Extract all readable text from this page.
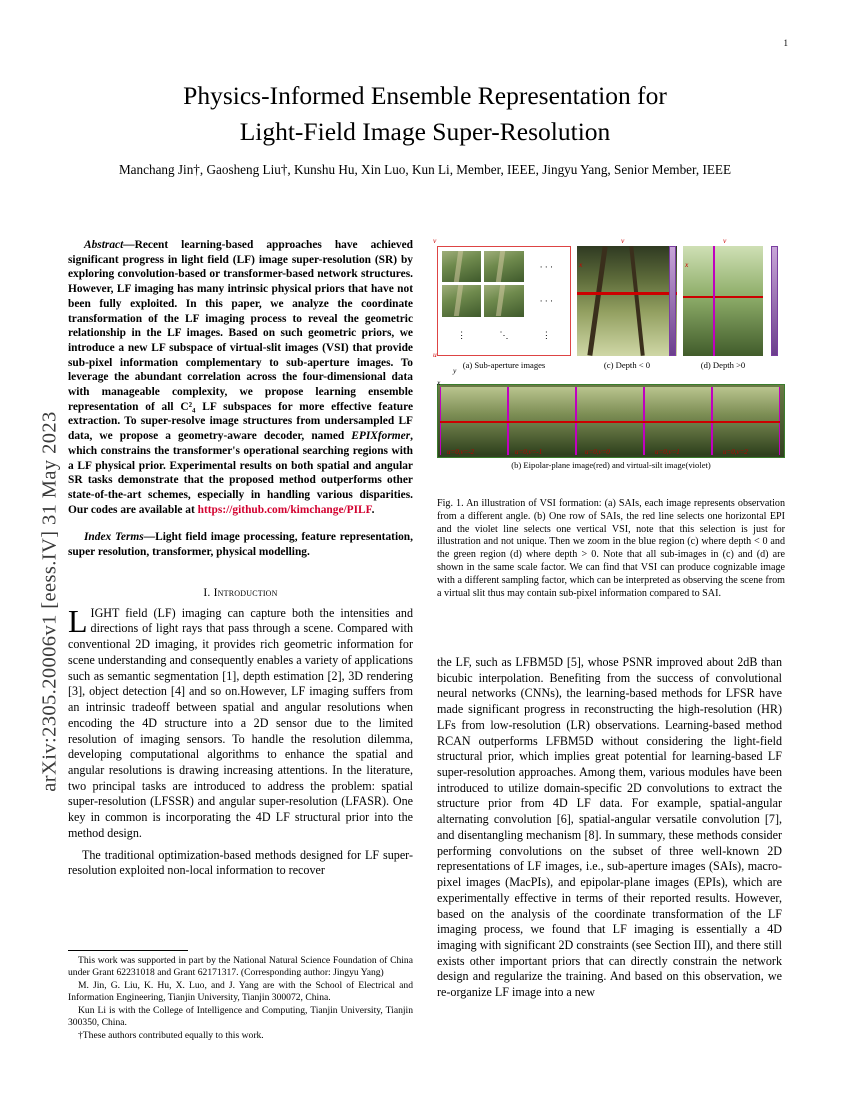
1
arXiv:2305.20006v1 [eess.IV] 31 May 2023
Physics-Informed Ensemble Representation for
Light-Field Image Super-Resolution
Manchang Jin†, Gaosheng Liu†, Kunshu Hu, Xin Luo, Kun Li, Member, IEEE, Jingyu Yang, Senior Member, IEEE
Abstract—Recent learning-based approaches have achieved significant progress in light field (LF) image super-resolution (SR) by exploring convolution-based or transformer-based network structures. However, LF imaging has many intrinsic physical priors that have not been fully exploited. In this paper, we analyze the coordinate transformation of the LF imaging process to reveal the geometric relationship in the LF images. Based on such geometric priors, we introduce a new LF subspace of virtual-slit images (VSI) that provide sub-pixel information complementary to sub-aperture images. To leverage the abundant correlation across the four-dimensional data with manageable complexity, we propose learning ensemble representation of all C²₄ LF subspaces for more effective feature extraction. To super-resolve image structures from undersampled LF data, we propose a geometry-aware decoder, named EPIXformer, which constrains the transformer's operational searching regions with a LF physical prior. Experimental results on both spatial and angular SR tasks demonstrate that the proposed method outperforms other state-of-the-art schemes, especially in handling various disparities. Our codes are available at https://github.com/kimchange/PILF.
Index Terms—Light field image processing, feature representation, super resolution, transformer, physical modelling.
I. Introduction

LIGHT field (LF) imaging can capture both the intensities and directions of light rays that pass through a scene. Compared with conventional 2D imaging, it provides rich geometric information for scene understanding and consequently enables a variety of applications such as semantic segmentation [1], depth estimation [2], 3D rendering [3], object detection [4] and so on.However, LF imaging suffers from an intrinsic tradeoff between spatial and angular resolutions when encoding the 4D structure into a 2D sensor due to the limited resolution of imaging sensors. To handle the resolution dilemma, developing computational algorithms to enhance the spatial and angular resolutions is drawing increasing attentions. In the literature, two principal tasks are introduced to address the problem: spatial super-resolution (LFSSR) and angular super-resolution (LFASR). One key in common is incorporating the 4D LF structural prior into the method design.

The traditional optimization-based methods designed for LF super-resolution exploited non-local information to recover

This work was supported in part by the National Natural Science Foundation of China under Grant 62231018 and Grant 62171317. (Corresponding author: Jingyu Yang)

M. Jin, G. Liu, K. Hu, X. Luo, and J. Yang are with the School of Electrical and Information Engineering, Tianjin University, Tianjin 300072, China.

Kun Li is with the College of Intelligence and Computing, Tianjin University, Tianjin 300350, China.

†These authors contributed equally to this work.

· · ·
· · ·
⋮	⋱	⋮
v
u
v
x
v
x
(a) Sub-aperture images	(c) Depth < 0	(d) Depth >0
y
x
u=0,v=-2	u=0,v=-1	u=0,v=0	u=0,v=1	u=0,v=2
(b) Eipolar-plane image(red) and virtual-silt image(violet)
Fig. 1. An illustration of VSI formation: (a) SAIs, each image represents observation from a different angle. (b) One row of SAIs, the red line selects one horizontal EPI and the violet line selects one vertical VSI, note that this selection is just for illustration and not unique. Then we zoom in the blue region (c) where depth < 0 and the green region (d) where depth > 0. Note that all sub-images in (c) and (d) are shown in the same scale factor. We can find that VSI can produce cognizable image with a different sampling factor, which can be interpreted as observing the scene from a virtual slit thus may contain sub-pixel information compared to SAI.

the LF, such as LFBM5D [5], whose PSNR improved about 2dB than bicubic interpolation. Benefiting from the success of convolutional neural networks (CNNs), the learning-based methods for LFSR have made significant progress in reconstructing the high-resolution (HR) LFs from low-resolution (LR) observations. Learning-based method RCAN outperforms LFBM5D without considering the light-field structural prior, which implies great potential for learning-based LF super-resolution approaches. Among them, various modules have been introduced to utilize domain-specific 2D convolutions to extract the structure prior from 4D LF data. For example, spatial-angular alternating convolution [6], spatial-angular versatile convolution [7], and disentangling mechanism [8]. In summary, these methods consider performing convolutions on the subset of three well-known 2D representations of LF images, i.e., sub-aperture images (SAIs), macro-pixel images (MacPIs), and epipolar-plane images (EPIs), which are experimentally effective in terms of their reported results. However, based on the analysis of the coordinate transformation of the LF imaging process, we found that LF imaging is essentially a 4D imaging with significant 2D constraints (see Section III), and there still exists other important priors that can directly constrain the network design and regularize the training. And based on this observation, we re-organize LF image into a new
